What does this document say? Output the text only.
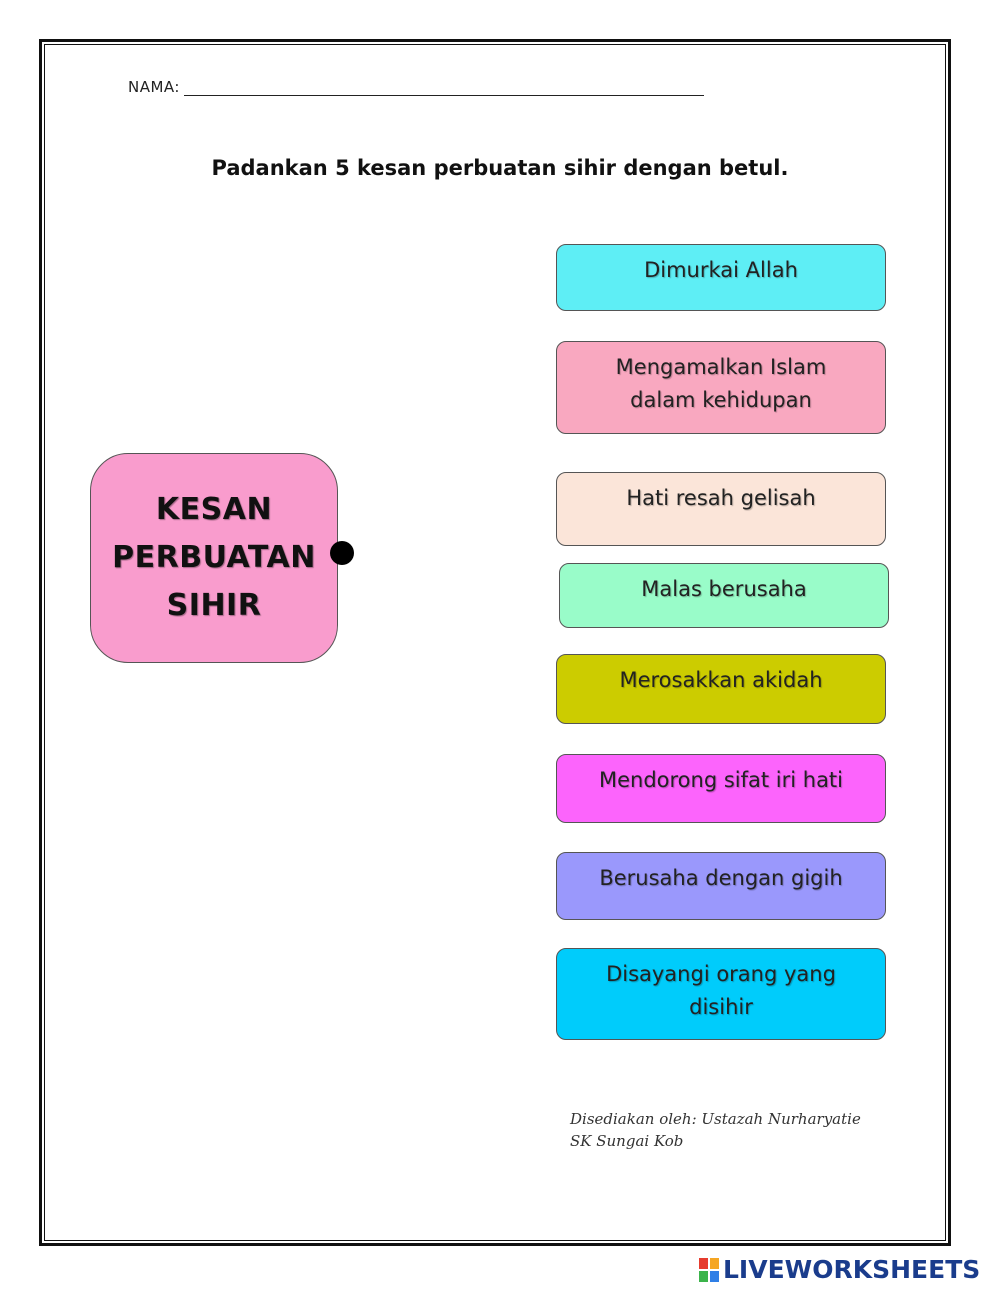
NAMA:
Padankan 5 kesan perbuatan sihir dengan betul.
KESAN
PERBUATAN
SIHIR
Dimurkai Allah
Mengamalkan Islam dalam kehidupan
Hati resah gelisah
Malas berusaha
Merosakkan akidah
Mendorong sifat iri hati
Berusaha dengan gigih
Disayangi orang yang disihir
Disediakan oleh: Ustazah Nurharyatie
SK Sungai Kob
LIVEWORKSHEETS
